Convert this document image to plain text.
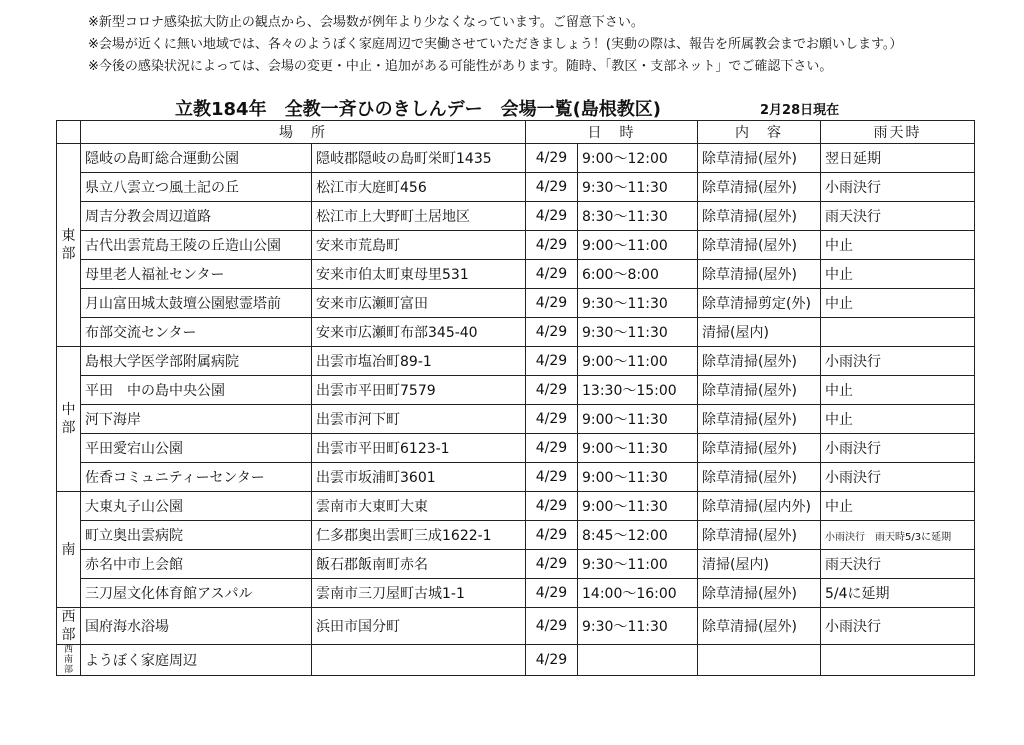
※新型コロナ感染拡大防止の観点から、会場数が例年より少なくなっています。ご留意下さい。
※会場が近くに無い地域では、各々のようぼく家庭周辺で実働させていただきましょう！(実動の際は、報告を所属教会までお願いします。）
※今後の感染状況によっては、会場の変更・中止・追加がある可能性があります。随時、「教区・支部ネット」でご確認下さい。
立教184年　全教一斉ひのきしんデー　会場一覧(島根教区)	2月28日現在
	場　所		日　時		内　容	雨天時
東
部	隠岐の島町総合運動公園	隠岐郡隠岐の島町栄町1435	4/29	9:00～12:00	除草清掃(屋外)	翌日延期
	県立八雲立つ風土記の丘	松江市大庭町456	4/29	9:30～11:30	除草清掃(屋外)	小雨決行
	周吉分教会周辺道路	松江市上大野町土居地区	4/29	8:30～11:30	除草清掃(屋外)	雨天決行
	古代出雲荒島王陵の丘造山公園	安来市荒島町	4/29	9:00～11:00	除草清掃(屋外)	中止
	母里老人福祉センター	安来市伯太町東母里531	4/29	6:00～8:00	除草清掃(屋外)	中止
	月山富田城太鼓壇公園慰霊塔前	安来市広瀬町富田	4/29	9:30～11:30	除草清掃剪定(外)	中止
	布部交流センター	安来市広瀬町布部345-40	4/29	9:30～11:30	清掃(屋内)	
中
部	島根大学医学部附属病院	出雲市塩冶町89-1	4/29	9:00～11:00	除草清掃(屋外)	小雨決行
	平田　中の島中央公園	出雲市平田町7579	4/29	13:30～15:00	除草清掃(屋外)	中止
	河下海岸	出雲市河下町	4/29	9:00～11:30	除草清掃(屋外)	中止
	平田愛宕山公園	出雲市平田町6123-1	4/29	9:00～11:30	除草清掃(屋外)	小雨決行
	佐香コミュニティーセンター	出雲市坂浦町3601	4/29	9:00～11:30	除草清掃(屋外)	小雨決行
南	大東丸子山公園	雲南市大東町大東	4/29	9:00～11:30	除草清掃(屋内外)	中止
	町立奥出雲病院	仁多郡奥出雲町三成1622-1	4/29	8:45～12:00	除草清掃(屋外)	小雨決行　雨天時5/3に延期
	赤名中市上会館	飯石郡飯南町赤名	4/29	9:30～11:00	清掃(屋内)	雨天決行
	三刀屋文化体育館アスパル	雲南市三刀屋町古城1-1	4/29	14:00～16:00	除草清掃(屋外)	5/4に延期
西
部	国府海水浴場	浜田市国分町	4/29	9:30～11:30	除草清掃(屋外)	小雨決行
西
南
部	ようぼく家庭周辺		4/29			
